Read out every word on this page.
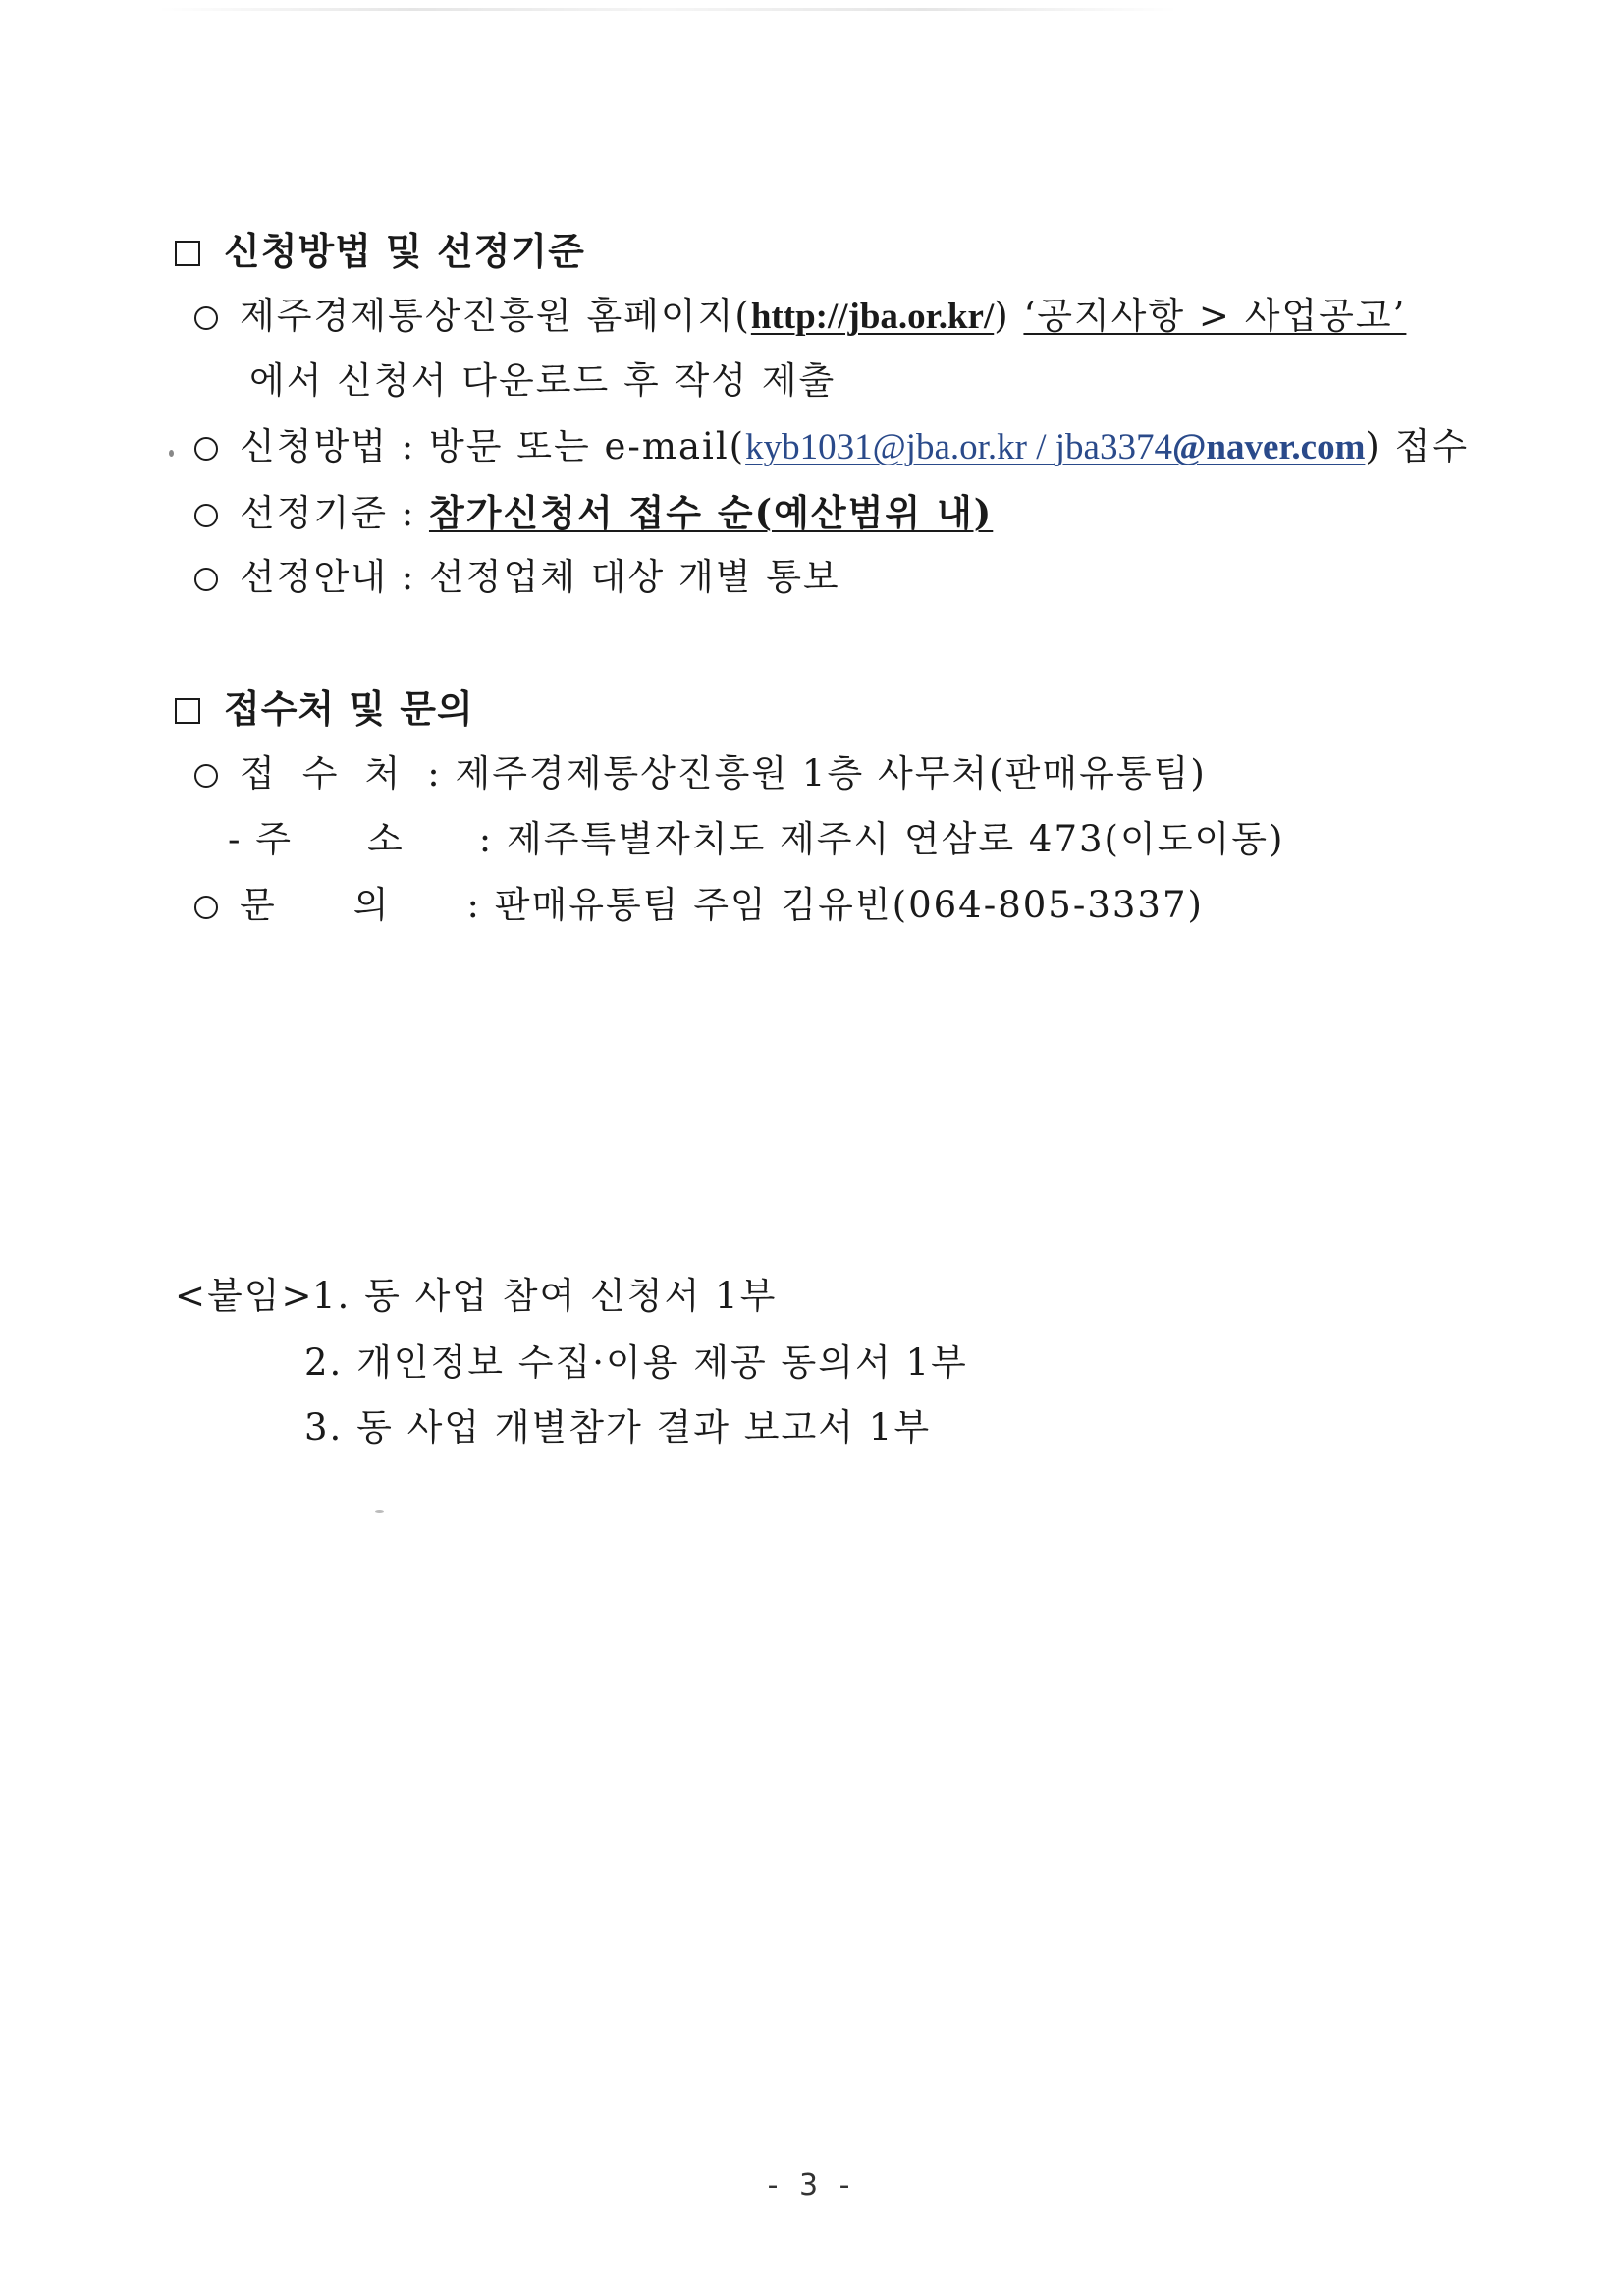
신청방법 및 선정기준
제주경제통상진흥원 홈페이지(http://jba.or.kr/) ‘공지사항 > 사업공고’
에서 신청서 다운로드 후 작성 제출
신청방법 : 방문 또는 e-mail(kyb1031@jba.or.kr / jba3374@naver.com) 접수
선정기준 : 참가신청서 접수 순(예산범위 내)
선정안내 : 선정업체 대상 개별 통보
접수처 및 문의
접수처: 제주경제통상진흥원 1층 사무처(판매유통팀)
- 주소: 제주특별자치도 제주시 연삼로 473(이도이동)
문의: 판매유통팀 주임 김유빈(064-805-3337)
<붙임>
1. 동 사업 참여 신청서 1부
2. 개인정보 수집·이용 제공 동의서 1부
3. 동 사업 개별참가 결과 보고서 1부
- 3 -
